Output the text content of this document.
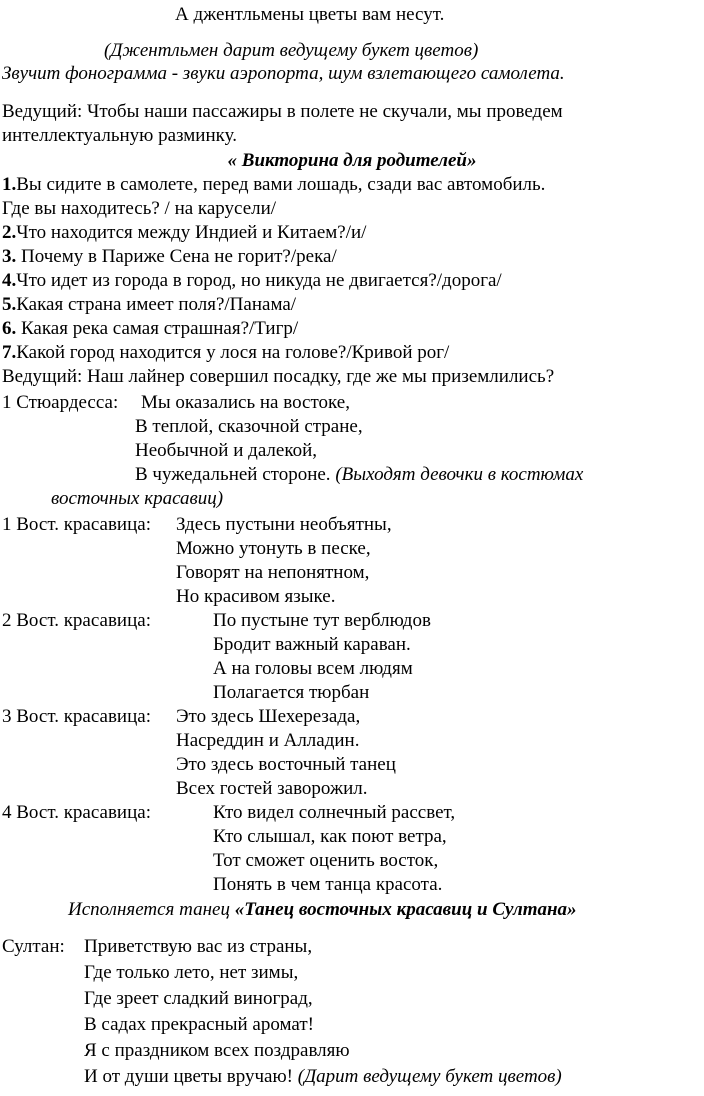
А джентльмены цветы вам несут.
(Джентльмен дарит ведущему букет цветов)
Звучит фонограмма - звуки аэропорта, шум взлетающего самолета.
Ведущий: Чтобы наши пассажиры в полете не скучали, мы проведем
интеллектуальную разминку.
« Викторина для родителей»
1.Вы сидите в самолете, перед вами лошадь, сзади вас автомобиль.
Где вы находитесь? / на карусели/
2.Что находится между Индией и Китаем?/и/
3. Почему в Париже Сена не горит?/река/
4.Что идет из города в город, но никуда не двигается?/дорога/
5.Какая страна имеет поля?/Панама/
6. Какая река самая страшная?/Тигр/
7.Какой город находится у лося на голове?/Кривой рог/
Ведущий: Наш лайнер совершил посадку, где же мы приземлились?
1 Стюардесса: Мы оказались на востоке,
В теплой, сказочной стране,
Необычной и далекой,
В чужедальней стороне. (Выходят девочки в костюмах
восточных красавиц)
1 Вост. красавица: Здесь пустыни необъятны,
Можно утонуть в песке,
Говорят на непонятном,
Но красивом языке.
2 Вост. красавица:	По пустыне тут верблюдов
Бродит важный караван.
А на головы всем людям
Полагается тюрбан
3 Вост. красавица: Это здесь Шехерезада,
Насреддин и Алладин.
Это здесь восточный танец
Всех гостей заворожил.
4 Вост. красавица:	Кто видел солнечный рассвет,
Кто слышал, как поют ветра,
Тот сможет оценить восток,
Понять в чем танца красота.
Исполняется танец «Танец восточных красавиц и Султана»
Султан: Приветствую вас из страны,
Где только лето, нет зимы,
Где зреет сладкий виноград,
В садах прекрасный аромат!
Я с праздником всех поздравляю
И от души цветы вручаю! (Дарит ведущему букет цветов)
